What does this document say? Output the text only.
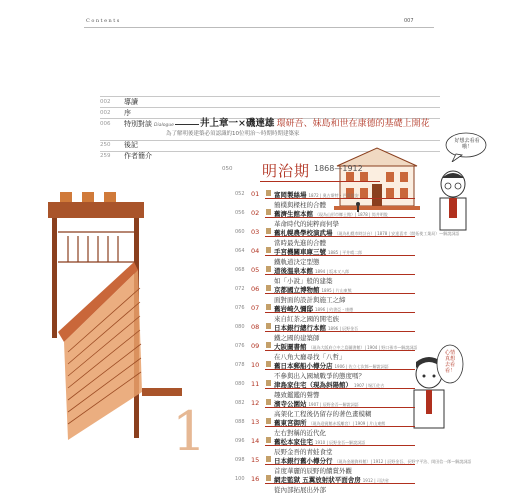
Contents	007
002	導讀
002	序
006	特別對談 Dialogue	井上章一×磯達雄 環研吾、妹島和世在康德的基礎上開花
為了解明後建築必須認識的10位明治～時期時期建築家
250	後記
259	作者簡介
好想去看看哦！
心情真想去看看！
050 明治期 1868—1912
1
052 01	富岡製絲場 1872 | 奧古斯特・巴斯提安
簡樸與樑柱的合體
056 02	舊濟生館本館 （現為山形市鄉土館）| 1878 | 筒井明俊
革命時代的純粹商何學
060 03	舊札幌農學校演武場 （現為札幌市時計台）| 1878 | 安達喜幸（開拓使工業局）—解說詞語
當時最先進的合體
064 04	手宮機關車庫三號 1885 | 平井晴二郎
鐵軌道決定型態
068 05	道後溫泉本館 1894 | 坂本又八郎
如「小說」般的建築
072 06	京都國立博物館 1895 | 片山東熊
面對面的設計與施工之締
076 07	舊岩崎久彌邸 1896 | 約書亞・康德
來自紅茶之國的開宅族
080 08	日本銀行總行本館 1896 | 辰野金吾
鐵之國的建築師
076 09	大阪圖書館 （現為大阪府立中之島圖書館）| 1904 | 野口孫市—解說詞語
在八角大廳尋找「八哲」
078 10	舊日本郵船小樽分店 1906 | 佐立七次郎—解說詞語
不參與出入國城戰爭的態度嗎？
080 11	津島家住宅（現為斜陽館） 1907 | 堀江佐吉
趣致鑑鑑的聲響
082 12	濱寺公園站 1907 | 辰野金吾—解說詞語
高架化工程後仍留存的著色畫模糊
088 13	舊東宮御所 （現為迎賓館赤坂離宮）| 1909 | 片山東熊
左右對稱的近代化
096 14	舊松本家住宅 1910 | 辰野金吾—解說詞語
辰野金吾的青蛙食堂
098 15	日本銀行舊小樽分行 （現為金融資料館）| 1912 | 辰野金吾、長野宇平治、岡田信一郎—解說詞語
首度華麗的辰野的饋賞外觀
100 16	網走監獄 五翼放射狀平面舍房 1912 | 司法省
從內部拓展出外部
